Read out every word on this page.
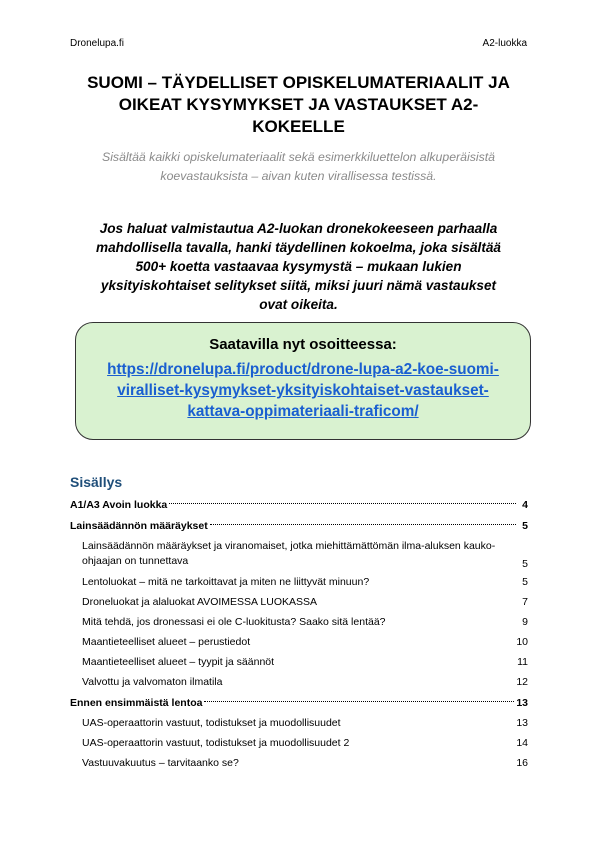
Dronelupa.fi	A2-luokka
SUOMI – TÄYDELLISET OPISKELUMATERIAALIT JA
OIKEAT KYSYMYKSET JA VASTAUKSET A2-
KOKEELLE
Sisältää kaikki opiskelumateriaalit sekä esimerkkiluettelon alkuperäisistä
koevastauksista – aivan kuten virallisessa testissä.
Jos haluat valmistautua A2-luokan dronekokeeseen parhaalla
mahdollisella tavalla, hanki täydellinen kokoelma, joka sisältää
500+ koetta vastaavaa kysymystä – mukaan lukien
yksityiskohtaiset selitykset siitä, miksi juuri nämä vastaukset
ovat oikeita.
Saatavilla nyt osoitteessa:
https://dronelupa.fi/product/drone-lupa-a2-koe-suomi-
viralliset-kysymykset-yksityiskohtaiset-vastaukset-
kattava-oppimateriaali-traficom/
Sisällys
A1/A3 Avoin luokka	4
Lainsäädännön määräykset	5
Lainsäädännön määräykset ja viranomaiset, jotka miehittämättömän ilma-aluksen kauko-ohjaajan on tunnettava	5
Lentoluokat – mitä ne tarkoittavat ja miten ne liittyvät minuun?	5
Droneluokat ja alaluokat AVOIMESSA LUOKASSA	7
Mitä tehdä, jos dronessasi ei ole C-luokitusta? Saako sitä lentää?	9
Maantieteelliset alueet – perustiedot	10
Maantieteelliset alueet – tyypit ja säännöt	11
Valvottu ja valvomaton ilmatila	12
Ennen ensimmäistä lentoa	13
UAS-operaattorin vastuut, todistukset ja muodollisuudet	13
UAS-operaattorin vastuut, todistukset ja muodollisuudet 2	14
Vastuuvakuutus – tarvitaanko se?	16
